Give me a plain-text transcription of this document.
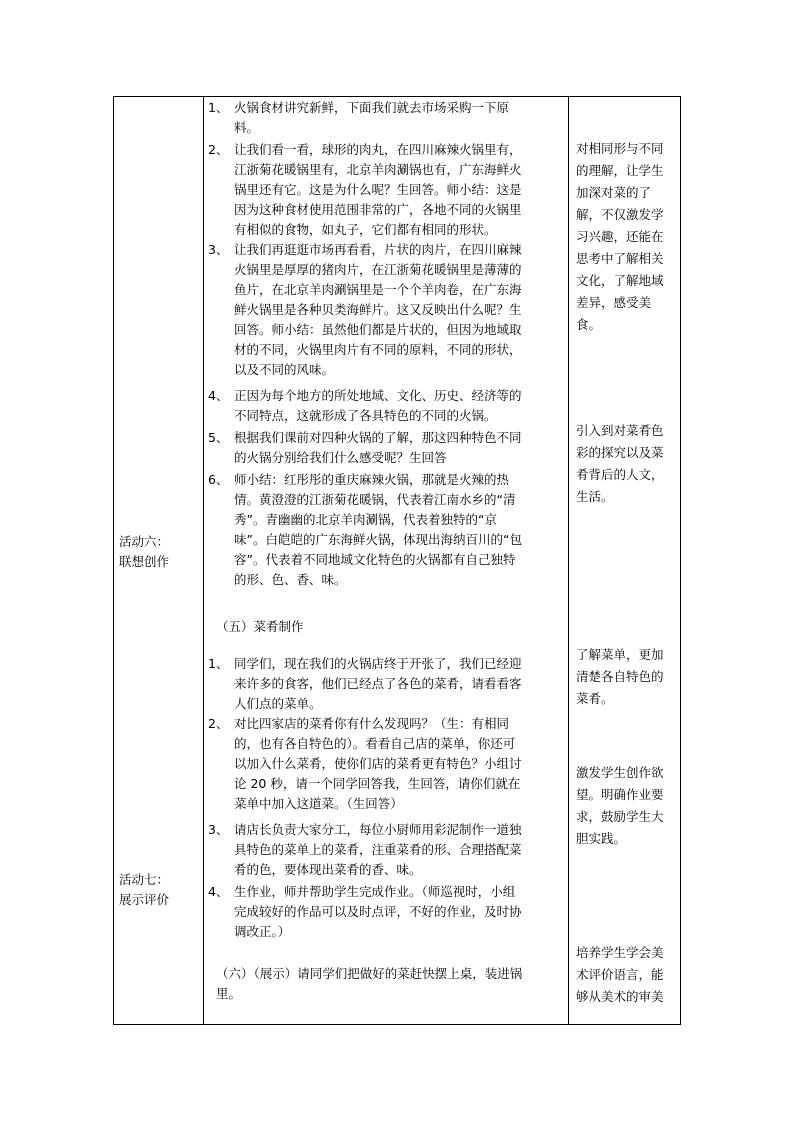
活动六：
联想创作
活动七：
展示评价
1、 火锅食材讲究新鲜，下面我们就去市场采购一下原
料。
2、 让我们看一看，球形的肉丸，在四川麻辣火锅里有，
江浙菊花暖锅里有，北京羊肉涮锅也有，广东海鲜火
锅里还有它。这是为什么呢？生回答。师小结：这是
因为这种食材使用范围非常的广，各地不同的火锅里
有相似的食物，如丸子，它们都有相同的形状。
3、 让我们再逛逛市场再看看，片状的肉片，在四川麻辣
火锅里是厚厚的猪肉片，在江浙菊花暖锅里是薄薄的
鱼片，在北京羊肉涮锅里是一个个羊肉卷，在广东海
鲜火锅里是各种贝类海鲜片。这又反映出什么呢？生
回答。师小结：虽然他们都是片状的，但因为地域取
材的不同，火锅里肉片有不同的原料，不同的形状，
以及不同的风味。
4、 正因为每个地方的所处地域、文化、历史、经济等的
不同特点，这就形成了各具特色的不同的火锅。
5、 根据我们课前对四种火锅的了解，那这四种特色不同
的火锅分别给我们什么感受呢？生回答
6、 师小结：红彤彤的重庆麻辣火锅，那就是火辣的热
情。黄澄澄的江浙菊花暖锅，代表着江南水乡的“清
秀”。青幽幽的北京羊肉涮锅，代表着独特的“京
味”。白皑皑的广东海鲜火锅，体现出海纳百川的“包
容”。代表着不同地域文化特色的火锅都有自己独特
的形、色、香、味。
（五）菜肴制作
1、 同学们，现在我们的火锅店终于开张了，我们已经迎
来许多的食客，他们已经点了各色的菜肴，请看看客
人们点的菜单。
2、 对比四家店的菜肴你有什么发现吗？（生：有相同
的，也有各自特色的）。看看自己店的菜单，你还可
以加入什么菜肴，使你们店的菜肴更有特色？小组讨
论 20 秒，请一个同学回答我，生回答，请你们就在
菜单中加入这道菜。（生回答）
3、 请店长负责大家分工，每位小厨师用彩泥制作一道独
具特色的菜单上的菜肴，注重菜肴的形、合理搭配菜
肴的色，要体现出菜肴的香、味。
4、 生作业，师并帮助学生完成作业。（师巡视时，小组
完成较好的作品可以及时点评，不好的作业，及时协
调改正。）
（六）（展示）请同学们把做好的菜赶快摆上桌，装进锅
里。
对相同形与不同
的理解，让学生
加深对菜的了
解，不仅激发学
习兴趣，还能在
思考中了解相关
文化，了解地域
差异，感受美
食。
引入到对菜肴色
彩的探究以及菜
肴背后的人文，
生活。
了解菜单，更加
清楚各自特色的
菜肴。
激发学生创作欲
望。明确作业要
求，鼓励学生大
胆实践。
培养学生学会美
术评价语言，能
够从美术的审美
